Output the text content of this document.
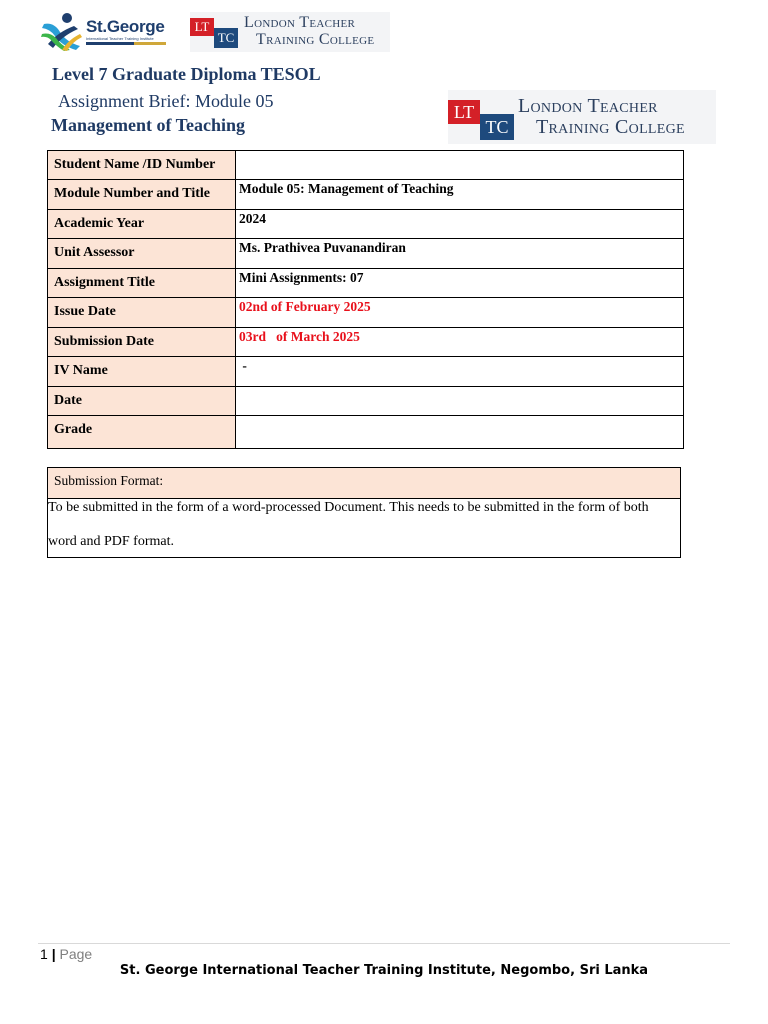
St.George
International Teacher Training Institute
LT
TC
London Teacher
Training College
Level 7 Graduate Diploma TESOL
Assignment Brief: Module 05
Management of Teaching
LT
TC
London Teacher
Training College
Student Name /ID Number	
Module Number and Title	Module 05: Management of Teaching
Academic Year	2024
Unit Assessor	Ms. Prathivea Puvanandiran
Assignment Title	Mini Assignments: 07
Issue Date	02nd of February 2025
Submission Date	03rd   of March 2025
IV Name	-
Date	
Grade	
Submission Format:
To be submitted in the form of a word-processed Document. This needs to be submitted in the form of both word and PDF format.
1 | Page
St. George International Teacher Training Institute, Negombo, Sri Lanka
